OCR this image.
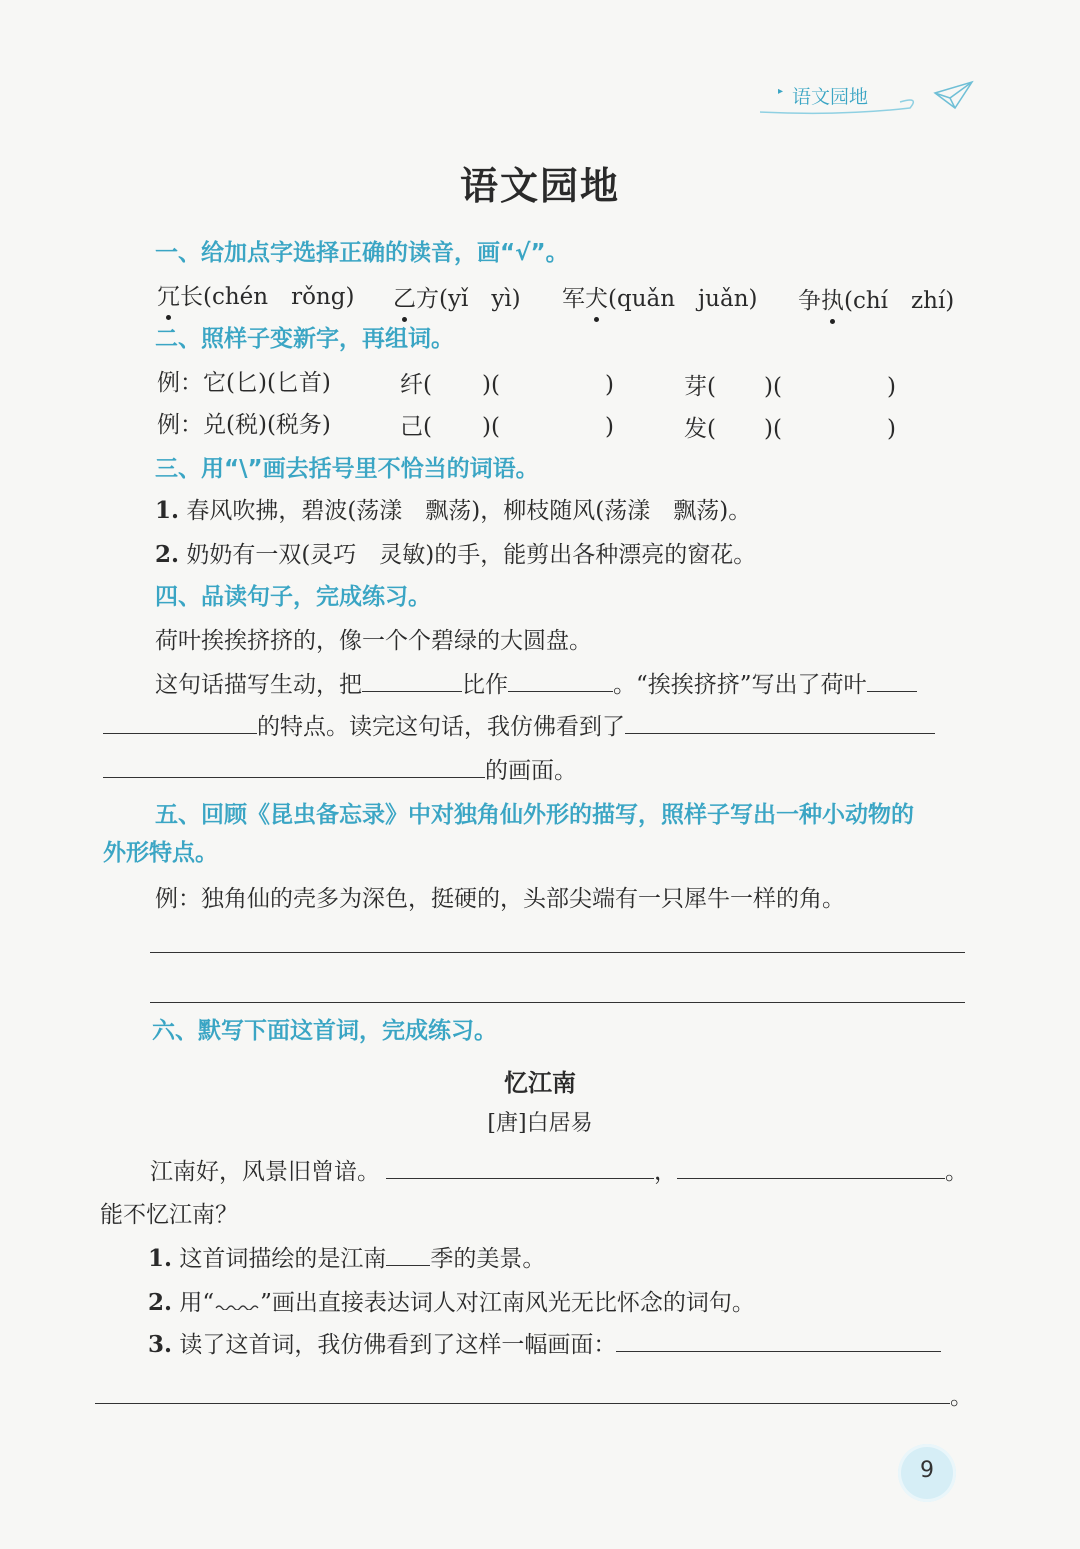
▸ 语文园地
语文园地
一、给加点字选择正确的读音，画“√”。
冗长(chén　rǒng) 乙方(yǐ　yì) 军犬(quǎn　juǎn) 争执(chí　zhí)
二、照样子变新字，再组词。
例：它(匕)(匕首)	纤( )(	)	芽( )(	)
例：兑(税)(税务)	己( )(	)	发( )(	)
三、用“\”画去括号里不恰当的词语。
1. 春风吹拂，碧波(荡漾　飘荡)，柳枝随风(荡漾　飘荡)。
2. 奶奶有一双(灵巧　灵敏)的手，能剪出各种漂亮的窗花。
四、品读句子，完成练习。
荷叶挨挨挤挤的，像一个个碧绿的大圆盘。
这句话描写生动，把	比作	。“挨挨挤挤”写出了荷叶
的特点。读完这句话，我仿佛看到了
的画面。
五、回顾《昆虫备忘录》中对独角仙外形的描写，照样子写出一种小动物的
外形特点。
例：独角仙的壳多为深色，挺硬的，头部尖端有一只犀牛一样的角。
六、默写下面这首词，完成练习。
忆江南
[唐]白居易
江南好，风景旧曾谙。	，	。
能不忆江南？
1. 这首词描绘的是江南 季的美景。
2. 用“ ”画出直接表达词人对江南风光无比怀念的词句。
3. 读了这首词，我仿佛看到了这样一幅画面：
。
9
